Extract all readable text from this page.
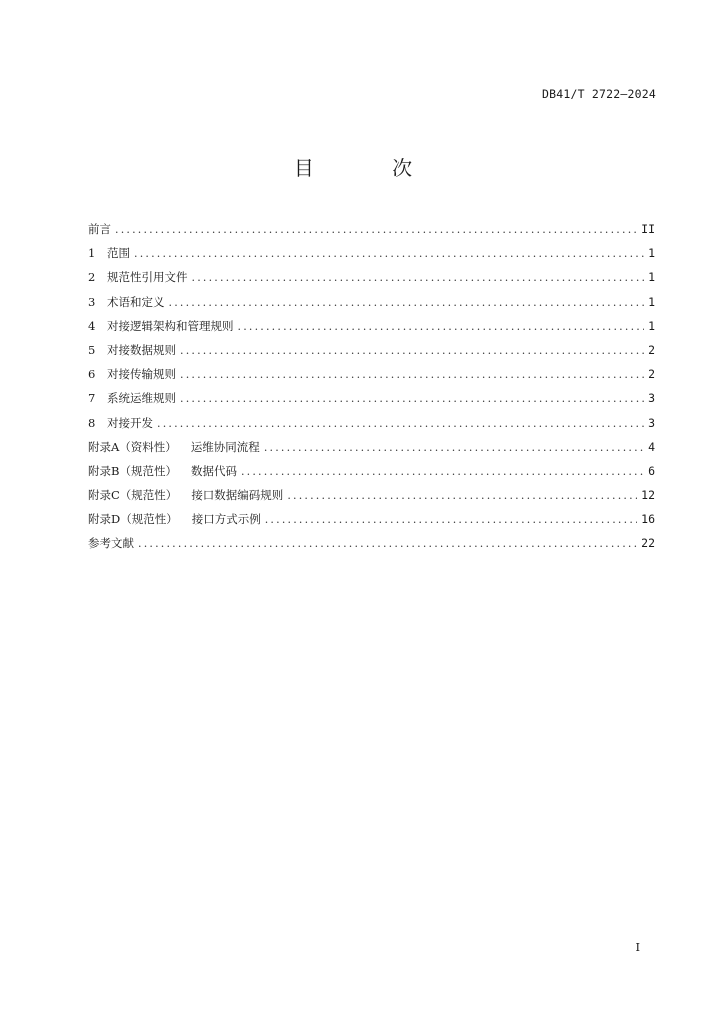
DB41/T 2722—2024
目 次
前言 .....	II
1 范围 .....	1
2 规范性引用文件 .....	1
3 术语和定义 .....	1
4 对接逻辑架构和管理规则 .....	1
5 对接数据规则 .....	2
6 对接传输规则 .....	2
7 系统运维规则 .....	3
8 对接开发 .....	3
附录A（资料性） 运维协同流程 .....	4
附录B（规范性） 数据代码 .....	6
附录C（规范性） 接口数据编码规则 .....	12
附录D（规范性） 接口方式示例 .....	16
参考文献 .....	22
I
